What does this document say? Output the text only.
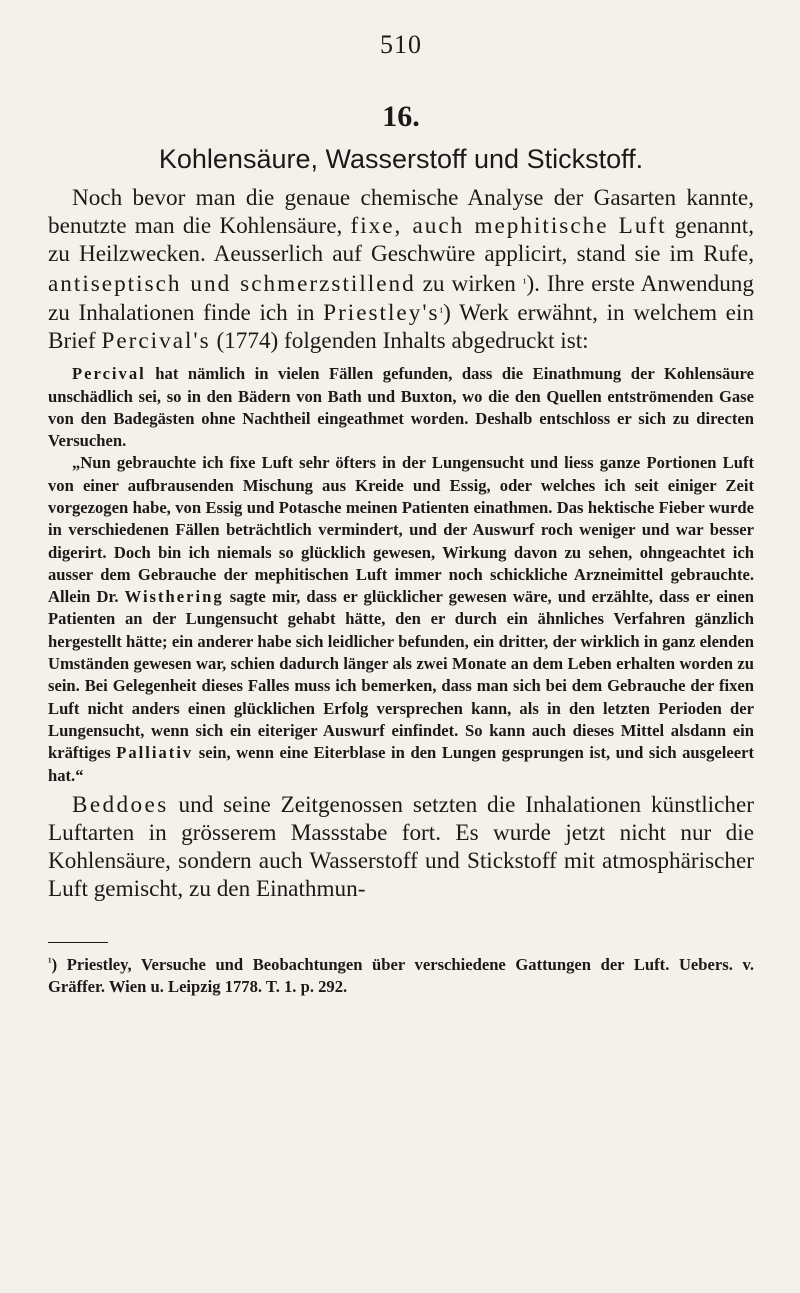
510
16.
Kohlensäure, Wasserstoff und Stickstoff.

Noch bevor man die genaue chemische Analyse der Gasarten kannte, benutzte man die Kohlensäure, fixe, auch mephitische Luft genannt, zu Heilzwecken. Aeusserlich auf Geschwüre applicirt, stand sie im Rufe, antiseptisch und schmerzstillend zu wirken ¹). Ihre erste Anwendung zu Inhalationen finde ich in Priestley's¹) Werk erwähnt, in welchem ein Brief Percival's (1774) folgenden Inhalts abgedruckt ist:

Percival hat nämlich in vielen Fällen gefunden, dass die Einathmung der Kohlensäure unschädlich sei, so in den Bädern von Bath und Buxton, wo die den Quellen entströmenden Gase von den Badegästen ohne Nachtheil eingeathmet worden. Deshalb entschloss er sich zu directen Versuchen.

„Nun gebrauchte ich fixe Luft sehr öfters in der Lungensucht und liess ganze Portionen Luft von einer aufbrausenden Mischung aus Kreide und Essig, oder welches ich seit einiger Zeit vorgezogen habe, von Essig und Potasche meinen Patienten einathmen. Das hektische Fieber wurde in verschiedenen Fällen beträchtlich vermindert, und der Auswurf roch weniger und war besser digerirt. Doch bin ich niemals so glücklich gewesen, Wirkung davon zu sehen, ohngeachtet ich ausser dem Gebrauche der mephitischen Luft immer noch schickliche Arzneimittel gebrauchte. Allein Dr. Wisthering sagte mir, dass er glücklicher gewesen wäre, und erzählte, dass er einen Patienten an der Lungensucht gehabt hätte, den er durch ein ähnliches Verfahren gänzlich hergestellt hätte; ein anderer habe sich leidlicher befunden, ein dritter, der wirklich in ganz elenden Umständen gewesen war, schien dadurch länger als zwei Monate an dem Leben erhalten worden zu sein. Bei Gelegenheit dieses Falles muss ich bemerken, dass man sich bei dem Gebrauche der fixen Luft nicht anders einen glücklichen Erfolg versprechen kann, als in den letzten Perioden der Lungensucht, wenn sich ein eiteriger Auswurf einfindet. So kann auch dieses Mittel alsdann ein kräftiges Palliativ sein, wenn eine Eiterblase in den Lungen gesprungen ist, und sich ausgeleert hat.“

Beddoes und seine Zeitgenossen setzten die Inhalationen künstlicher Luftarten in grösserem Massstabe fort. Es wurde jetzt nicht nur die Kohlensäure, sondern auch Wasserstoff und Stickstoff mit atmosphärischer Luft gemischt, zu den Einathmun-

$^{^1}$) Priestley, Versuche und Beobachtungen über verschiedene Gattungen der Luft. Uebers. v. Gräffer. Wien u. Leipzig 1778. T. 1. p. 292.
